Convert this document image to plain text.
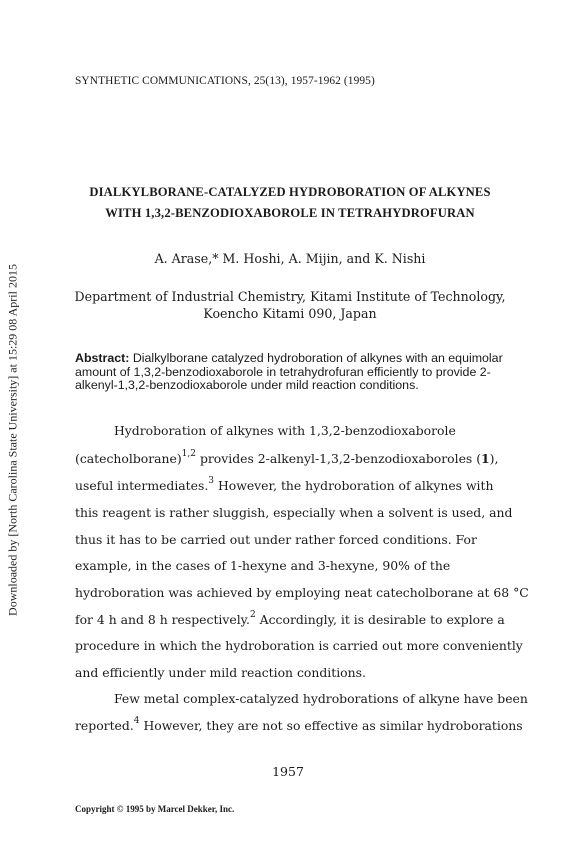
Downloaded by [North Carolina State University] at 15:29 08 April 2015
SYNTHETIC COMMUNICATIONS, 25(13), 1957-1962 (1995)
DIALKYLBORANE-CATALYZED HYDROBORATION OF ALKYNES
WITH 1,3,2-BENZODIOXABOROLE IN TETRAHYDROFURAN
A. Arase,* M. Hoshi, A. Mijin, and K. Nishi
Department of Industrial Chemistry, Kitami Institute of Technology,
Koencho Kitami 090, Japan
Abstract: Dialkylborane catalyzed hydroboration of alkynes with an equimolar amount of 1,3,2-benzodioxaborole in tetrahydrofuran efficiently to provide 2-alkenyl-1,3,2-benzodioxaborole under mild reaction conditions.
Hydroboration of alkynes with 1,3,2-benzodioxaborole
(catecholborane)$^{1,2}$ provides 2-alkenyl-1,3,2-benzodioxaboroles (1),
useful intermediates.$^3$ However, the hydroboration of alkynes with
this reagent is rather sluggish, especially when a solvent is used, and
thus it has to be carried out under rather forced conditions. For
example, in the cases of 1-hexyne and 3-hexyne, 90% of the
hydroboration was achieved by employing neat catecholborane at 68 °C
for 4 h and 8 h respectively.$^2$ Accordingly, it is desirable to explore a
procedure in which the hydroboration is carried out more conveniently
and efficiently under mild reaction conditions.
Few metal complex-catalyzed hydroborations of alkyne have been
reported.$^4$ However, they are not so effective as similar hydroborations
1957
Copyright © 1995 by Marcel Dekker, Inc.
